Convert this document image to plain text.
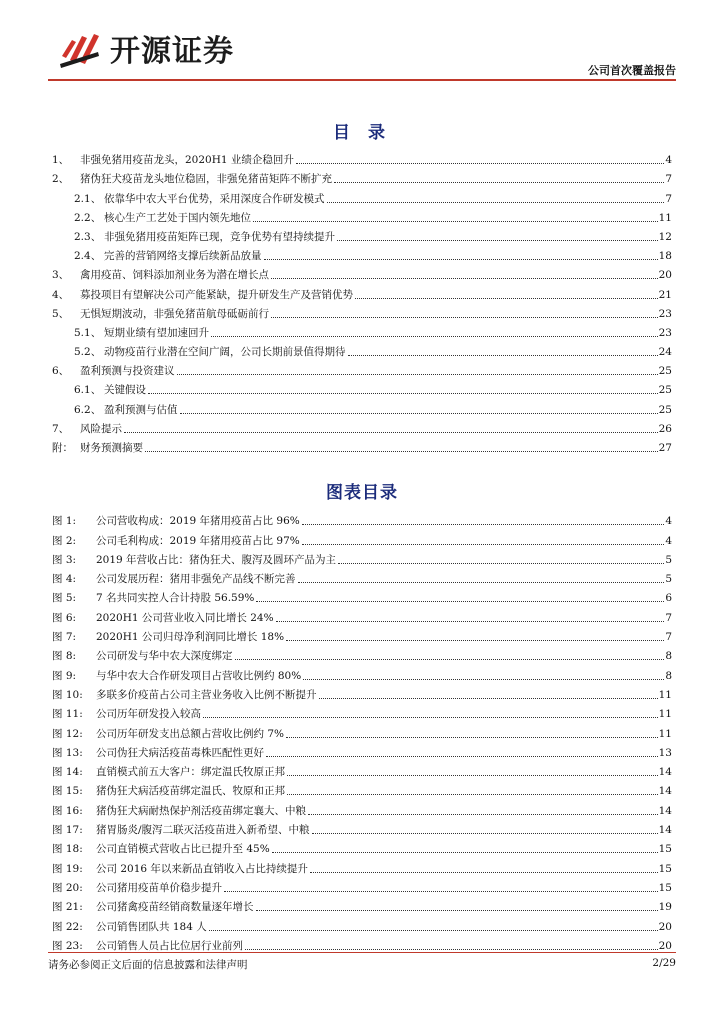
开源证券
公司首次覆盖报告
目 录
1、	非强免猪用疫苗龙头，2020H1 业绩企稳回升	4
2、	猪伪狂犬疫苗龙头地位稳固，非强免猪苗矩阵不断扩充	7
2.1、 依靠华中农大平台优势，采用深度合作研发模式	7
2.2、 核心生产工艺处于国内领先地位	11
2.3、 非强免猪用疫苗矩阵已现，竞争优势有望持续提升	12
2.4、 完善的营销网络支撑后续新品放量	18
3、	禽用疫苗、饲料添加剂业务为潜在增长点	20
4、	募投项目有望解决公司产能紧缺，提升研发生产及营销优势	21
5、	无惧短期波动，非强免猪苗航母砥砺前行	23
5.1、 短期业绩有望加速回升	23
5.2、 动物疫苗行业潜在空间广阔，公司长期前景值得期待	24
6、	盈利预测与投资建议	25
6.1、 关键假设	25
6.2、 盈利预测与估值	25
7、	风险提示	26
附： 财务预测摘要	27
图表目录
图 1:	公司营收构成：2019 年猪用疫苗占比 96%	4
图 2:	公司毛利构成：2019 年猪用疫苗占比 97%	4
图 3:	2019 年营收占比：猪伪狂犬、腹泻及圆环产品为主	5
图 4:	公司发展历程：猪用非强免产品线不断完善	5
图 5:	7 名共同实控人合计持股 56.59%	6
图 6:	2020H1 公司营业收入同比增长 24%	7
图 7:	2020H1 公司归母净利润同比增长 18%	7
图 8:	公司研发与华中农大深度绑定	8
图 9:	与华中农大合作研发项目占营收比例约 80%	8
图 10:	多联多价疫苗占公司主营业务收入比例不断提升	11
图 11:	公司历年研发投入较高	11
图 12:	公司历年研发支出总额占营收比例约 7%	11
图 13:	公司伪狂犬病活疫苗毒株匹配性更好	13
图 14:	直销模式前五大客户：绑定温氏牧原正邦	14
图 15:	猪伪狂犬病活疫苗绑定温氏、牧原和正邦	14
图 16:	猪伪狂犬病耐热保护剂活疫苗绑定襄大、中粮	14
图 17:	猪胃肠炎/腹泻二联灭活疫苗进入新希望、中粮	14
图 18:	公司直销模式营收占比已提升至 45%	15
图 19:	公司 2016 年以来新品直销收入占比持续提升	15
图 20:	公司猪用疫苗单价稳步提升	15
图 21:	公司猪禽疫苗经销商数量逐年增长	19
图 22:	公司销售团队共 184 人	20
图 23:	公司销售人员占比位居行业前列	20
请务必参阅正文后面的信息披露和法律声明	2/29
